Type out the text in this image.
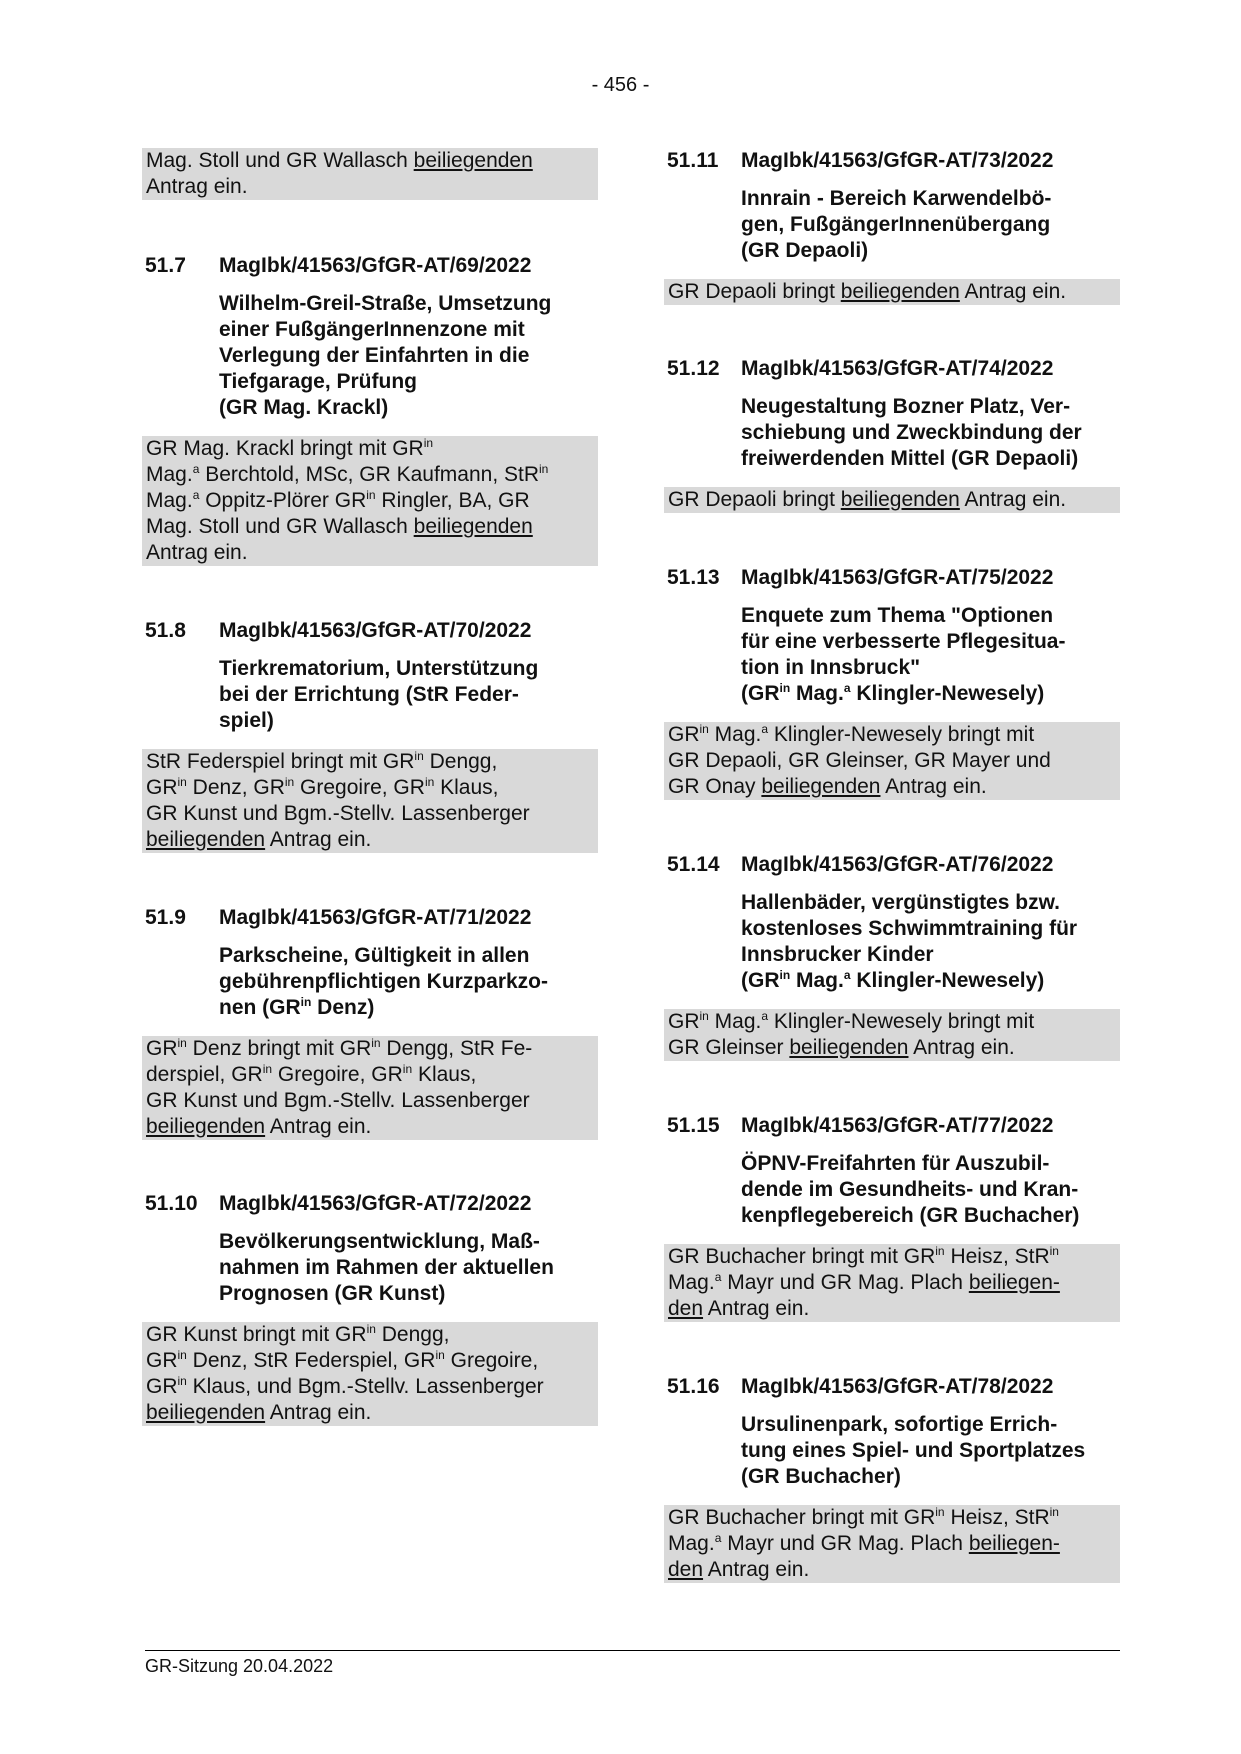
- 456 -
Mag. Stoll und GR Wallasch beiliegenden
Antrag ein.
51.7 MagIbk/41563/GfGR-AT/69/2022
Wilhelm-Greil-Straße, Umsetzung
einer FußgängerInnenzone mit
Verlegung der Einfahrten in die
Tiefgarage, Prüfung
(GR Mag. Krackl)
GR Mag. Krackl bringt mit $GR^{in}$
Mag.$^a$ Berchtold, MSc, GR Kaufmann, StR$^{in}$
Mag.$^a$ Oppitz-Plörer $GR^{in}$ Ringler, BA, GR
Mag. Stoll und GR Wallasch beiliegenden
Antrag ein.
51.8 MagIbk/41563/GfGR-AT/70/2022
Tierkrematorium, Unterstützung
bei der Errichtung (StR Feder-
spiel)
StR Federspiel bringt mit $GR^{in}$ Dengg,
$GR^{in}$ Denz, $GR^{in}$ Gregoire, $GR^{in}$ Klaus,
GR Kunst und Bgm.-Stellv. Lassenberger
beiliegenden Antrag ein.
51.9 MagIbk/41563/GfGR-AT/71/2022
Parkscheine, Gültigkeit in allen
gebührenpflichtigen Kurzparkzo-
nen ($GR^{in}$ Denz)
$GR^{in}$ Denz bringt mit $GR^{in}$ Dengg, StR Fe-
derspiel, $GR^{in}$ Gregoire, $GR^{in}$ Klaus,
GR Kunst und Bgm.-Stellv. Lassenberger
beiliegenden Antrag ein.
51.10 MagIbk/41563/GfGR-AT/72/2022
Bevölkerungsentwicklung, Maß-
nahmen im Rahmen der aktuellen
Prognosen (GR Kunst)
GR Kunst bringt mit $GR^{in}$ Dengg,
$GR^{in}$ Denz, StR Federspiel, $GR^{in}$ Gregoire,
$GR^{in}$ Klaus, und Bgm.-Stellv. Lassenberger
beiliegenden Antrag ein.
51.11 MagIbk/41563/GfGR-AT/73/2022
Innrain - Bereich Karwendelbö-
gen, FußgängerInnenübergang
(GR Depaoli)
GR Depaoli bringt beiliegenden Antrag ein.
51.12 MagIbk/41563/GfGR-AT/74/2022
Neugestaltung Bozner Platz, Ver-
schiebung und Zweckbindung der
freiwerdenden Mittel (GR Depaoli)
GR Depaoli bringt beiliegenden Antrag ein.
51.13 MagIbk/41563/GfGR-AT/75/2022
Enquete zum Thema "Optionen
für eine verbesserte Pflegesitua-
tion in Innsbruck"
($GR^{in}$ Mag.$^a$ Klingler-Newesely)
$GR^{in}$ Mag.$^a$ Klingler-Newesely bringt mit
GR Depaoli, GR Gleinser, GR Mayer und
GR Onay beiliegenden Antrag ein.
51.14 MagIbk/41563/GfGR-AT/76/2022
Hallenbäder, vergünstigtes bzw.
kostenloses Schwimmtraining für
Innsbrucker Kinder
($GR^{in}$ Mag.$^a$ Klingler-Newesely)
$GR^{in}$ Mag.$^a$ Klingler-Newesely bringt mit
GR Gleinser beiliegenden Antrag ein.
51.15 MagIbk/41563/GfGR-AT/77/2022
ÖPNV-Freifahrten für Auszubil-
dende im Gesundheits- und Kran-
kenpflegebereich (GR Buchacher)
GR Buchacher bringt mit $GR^{in}$ Heisz, StR$^{in}$
Mag.$^a$ Mayr und GR Mag. Plach beiliegen-
den Antrag ein.
51.16 MagIbk/41563/GfGR-AT/78/2022
Ursulinenpark, sofortige Errich-
tung eines Spiel- und Sportplatzes
(GR Buchacher)
GR Buchacher bringt mit $GR^{in}$ Heisz, StR$^{in}$
Mag.$^a$ Mayr und GR Mag. Plach beiliegen-
den Antrag ein.
GR-Sitzung 20.04.2022
